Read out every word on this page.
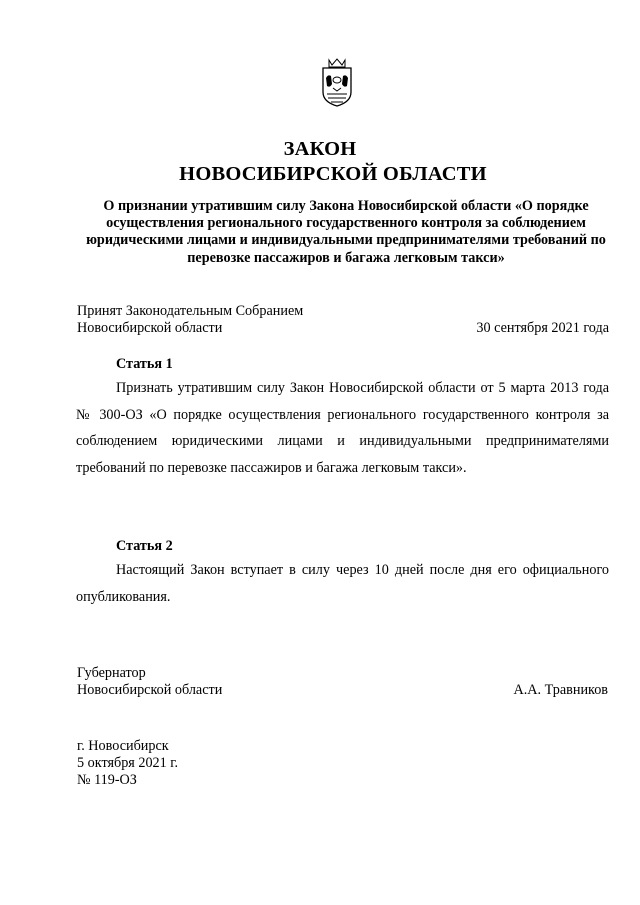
ЗАКОН
НОВОСИБИРСКОЙ ОБЛАСТИ
О признании утратившим силу Закона Новосибирской области «О порядке осуществления регионального государственного контроля за соблюдением юридическими лицами и индивидуальными предпринимателями требований по перевозке пассажиров и багажа легковым такси»
Принят Законодательным Собранием
Новосибирской области	30 сентября 2021 года
Статья 1
Признать утратившим силу Закон Новосибирской области от 5 марта 2013 года № 300-ОЗ «О порядке осуществления регионального государственного контроля за соблюдением юридическими лицами и индивидуальными предпринимателями требований по перевозке пассажиров и багажа легковым такси».
Статья 2
Настоящий Закон вступает в силу через 10 дней после дня его официального опубликования.
Губернатор
Новосибирской области	А.А. Травников
г. Новосибирск
5 октября 2021 г.
№ 119-ОЗ
